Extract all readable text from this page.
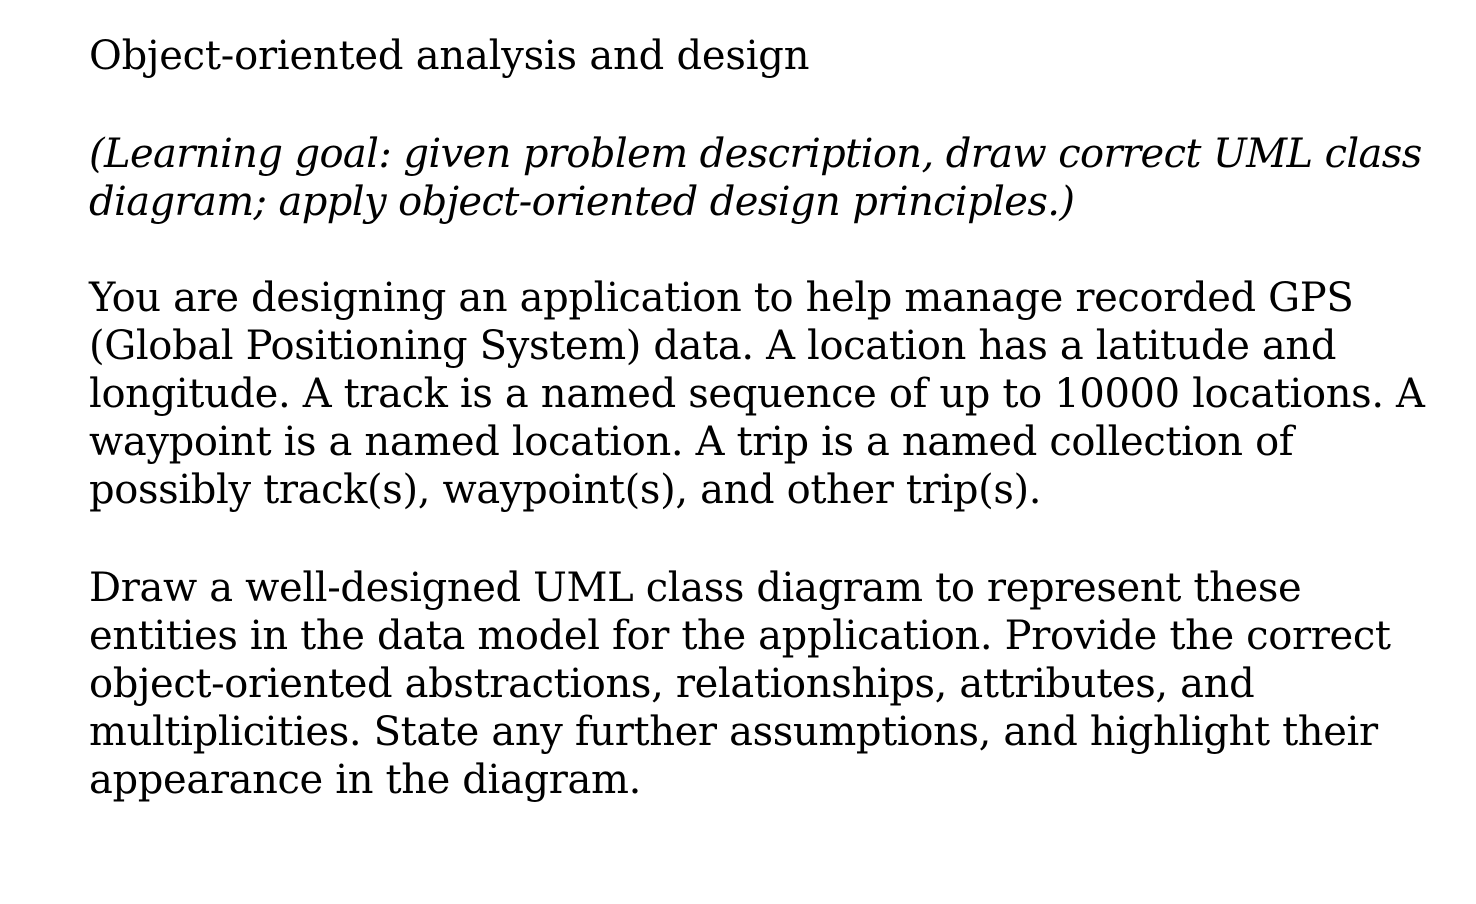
Object-oriented analysis and design
(Learning goal: given problem description, draw correct UML class
diagram; apply object-oriented design principles.)
You are designing an application to help manage recorded GPS
(Global Positioning System) data. A location has a latitude and
longitude. A track is a named sequence of up to 10000 locations. A
waypoint is a named location. A trip is a named collection of
possibly track(s), waypoint(s), and other trip(s).
Draw a well-designed UML class diagram to represent these
entities in the data model for the application. Provide the correct
object-oriented abstractions, relationships, attributes, and
multiplicities. State any further assumptions, and highlight their
appearance in the diagram.
